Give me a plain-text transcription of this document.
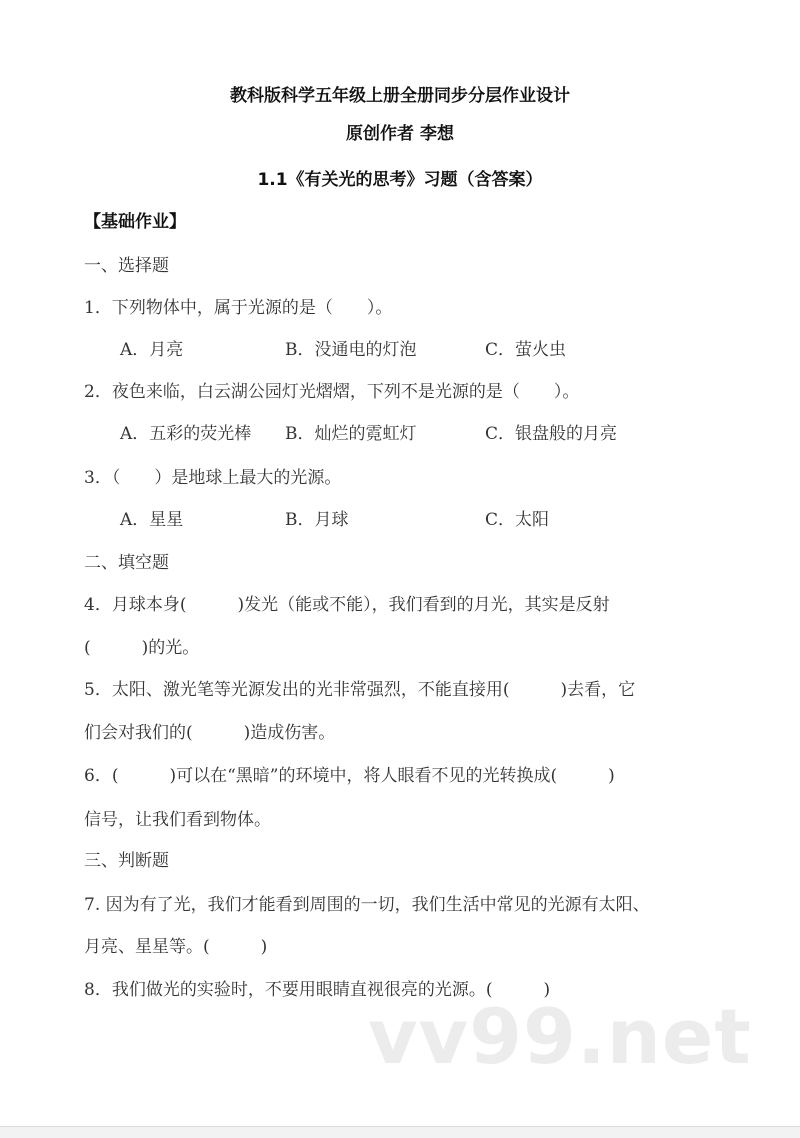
教科版科学五年级上册全册同步分层作业设计
原创作者 李想
1.1《有关光的思考》习题（含答案）
【基础作业】
一、选择题
1．下列物体中，属于光源的是（　　）。
A．月亮	B．没通电的灯泡	C．萤火虫
2．夜色来临，白云湖公园灯光熠熠，下列不是光源的是（　　）。
A．五彩的荧光棒 B．灿烂的霓虹灯	C．银盘般的月亮
3．（　　）是地球上最大的光源。
A．星星	B．月球	C．太阳
二、填空题
4．月球本身(　　　)发光（能或不能），我们看到的月光，其实是反射
(　　　)的光。
5．太阳、激光笔等光源发出的光非常强烈，不能直接用(　　　)去看，它
们会对我们的(　　　)造成伤害。
6．(　　　)可以在“黑暗”的环境中，将人眼看不见的光转换成(　　　)
信号，让我们看到物体。
三、判断题
7. 因为有了光，我们才能看到周围的一切，我们生活中常见的光源有太阳、
月亮、星星等。(　　　)
8．我们做光的实验时，不要用眼睛直视很亮的光源。(　　　)
vv99.net
